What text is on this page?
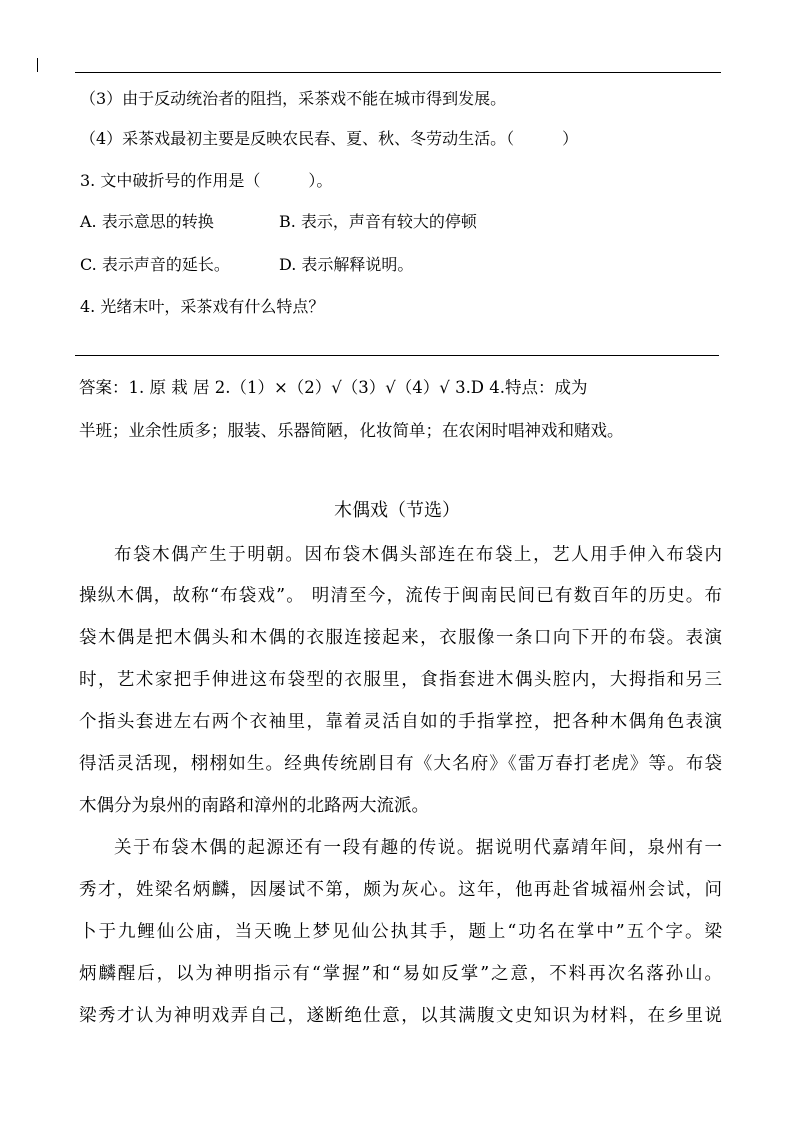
（3）由于反动统治者的阻挡，采茶戏不能在城市得到发展。
（4）采茶戏最初主要是反映农民春、夏、秋、冬劳动生活。（　　　）
3. 文中破折号的作用是（　　　）。
A. 表示意思的转换	B. 表示，声音有较大的停顿
C. 表示声音的延长。	D. 表示解释说明。
4. 光绪末叶，采茶戏有什么特点？
答案：1. 原 栽 居 2.（1）×（2）√（3）√（4）√ 3.D 4.特点：成为
半班；业余性质多；服装、乐器简陋，化妆简单；在农闲时唱神戏和赌戏。
木偶戏（节选）
布袋木偶产生于明朝。因布袋木偶头部连在布袋上，艺人用手伸入布袋内
操纵木偶，故称“布袋戏”。 明清至今，流传于闽南民间已有数百年的历史。布
袋木偶是把木偶头和木偶的衣服连接起来，衣服像一条口向下开的布袋。表演
时，艺术家把手伸进这布袋型的衣服里，食指套进木偶头腔内，大拇指和另三
个指头套进左右两个衣袖里，靠着灵活自如的手指掌控，把各种木偶角色表演
得活灵活现，栩栩如生。经典传统剧目有《大名府》《雷万春打老虎》等。布袋
木偶分为泉州的南路和漳州的北路两大流派。
关于布袋木偶的起源还有一段有趣的传说。据说明代嘉靖年间，泉州有一
秀才，姓梁名炳麟，因屡试不第，颇为灰心。这年，他再赴省城福州会试，问
卜于九鲤仙公庙，当天晚上梦见仙公执其手，题上“功名在掌中”五个字。梁
炳麟醒后，以为神明指示有“掌握”和“易如反掌”之意，不料再次名落孙山。
梁秀才认为神明戏弄自己，遂断绝仕意，以其满腹文史知识为材料，在乡里说
